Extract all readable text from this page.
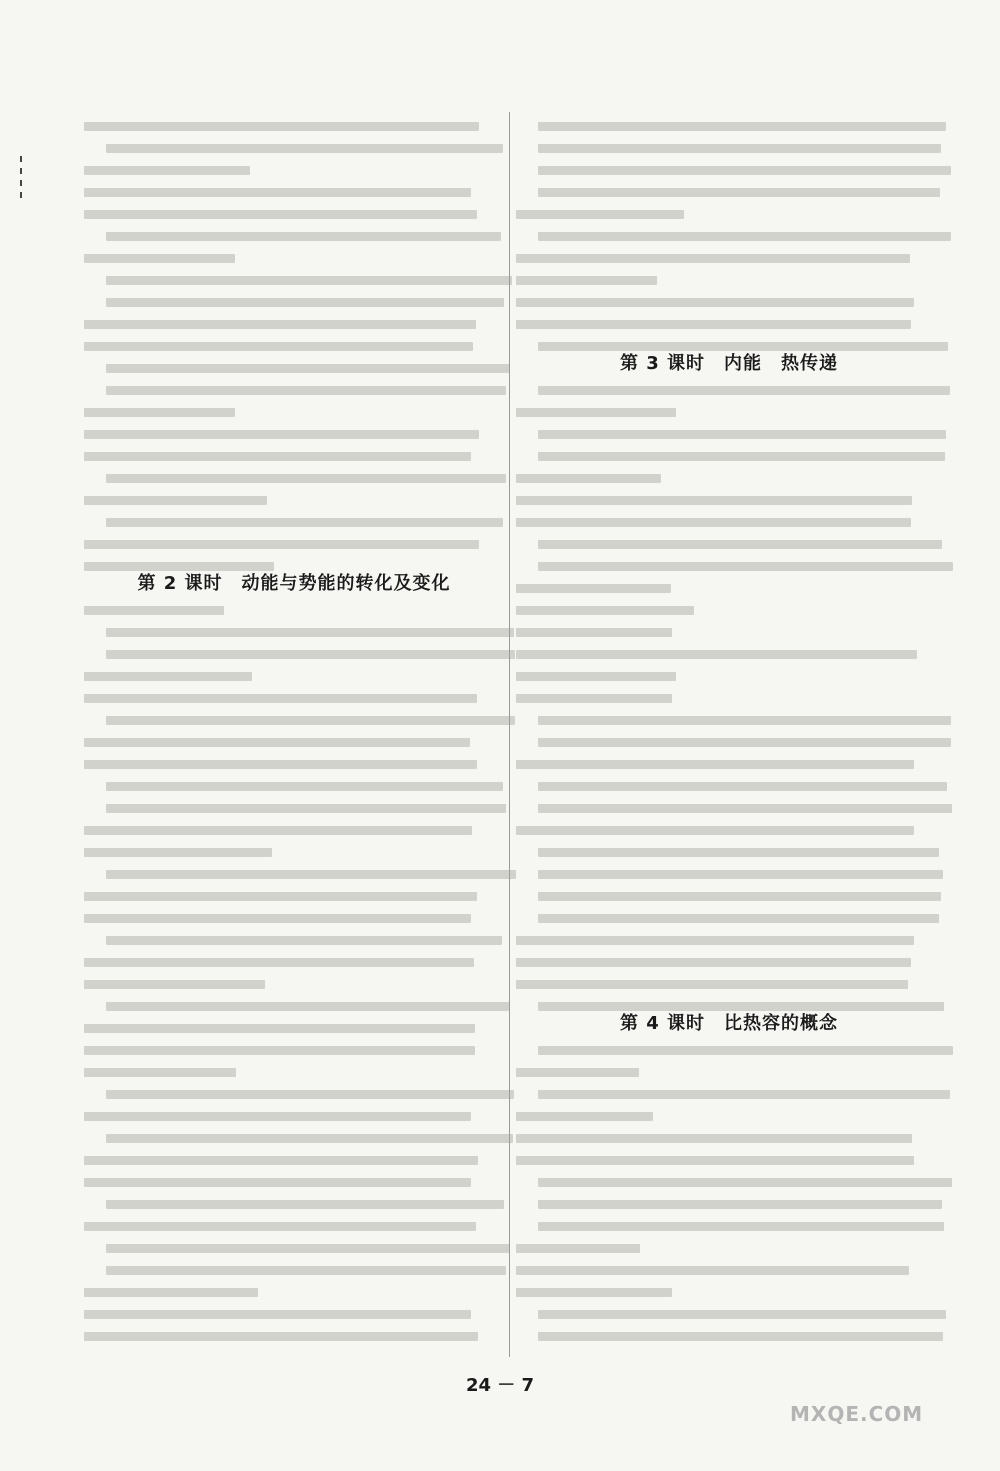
第 2 课时　动能与势能的转化及变化
第 3 课时　内能　热传递
第 4 课时　比热容的概念
24 － 7
MXQE.COM
